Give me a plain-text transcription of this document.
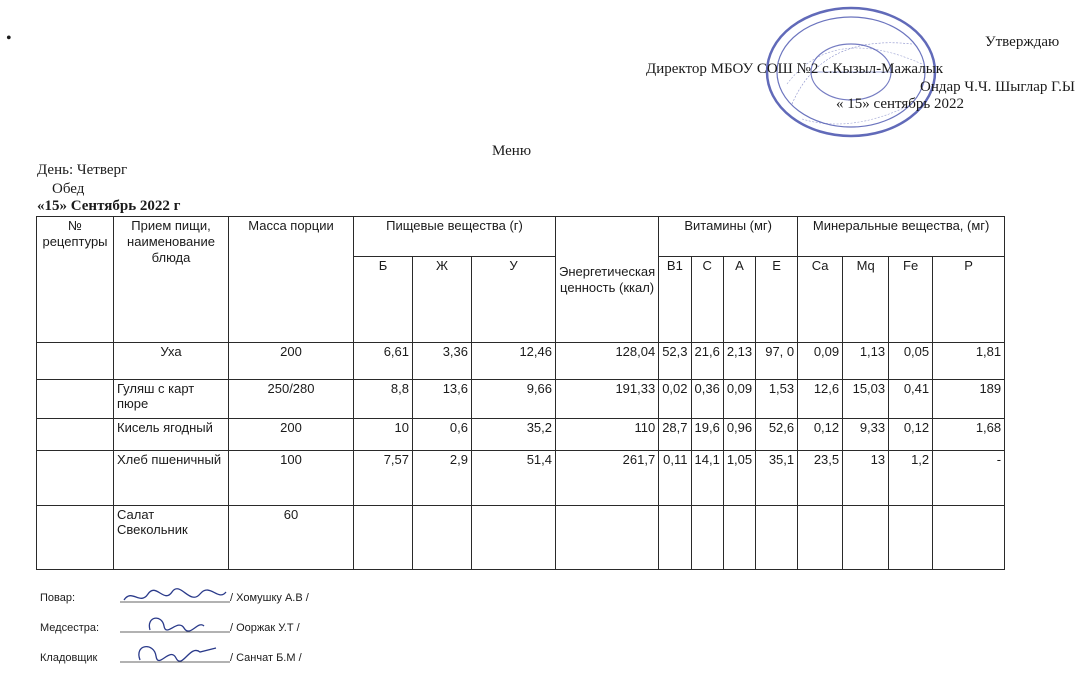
•	Утверждаю
Директор МБОУ СОШ №2 с.Кызыл-Мажалык
Ондар Ч.Ч. Шыглар Г.Ы
« 15» сентябрь 2022
Меню
День: Четверг
Обед
«15» Сентябрь 2022 г
№ рецептуры	Прием пищи, наименование блюда	Масса порции	Пищевые вещества (г)			Энергетическая ценность (ккал)	Витамины (мг)				Минеральные вещества, (мг)			
			Б	Ж	У		В1	С	А	Е	Са	Мq	Fe	Р
	Уха	200	6,61	3,36	12,46	128,04	52,3	21,6	2,13	97, 0	0,09	1,13	0,05	1,81
	Гуляш с карт пюре	250/280	8,8	13,6	9,66	191,33	0,02	0,36	0,09	1,53	12,6	15,03	0,41	189
	Кисель ягодный	200	10	0,6	35,2	110	28,7	19,6	0,96	52,6	0,12	9,33	0,12	1,68
	Хлеб пшеничный	100	7,57	2,9	51,4	261,7	0,11	14,1	1,05	35,1	23,5	13	1,2	-
	Салат Свекольник	60												
Повар:	/ Хомушку А.В /
Медсестра:	/ Ооржак У.Т /
Кладовщик	/ Санчат Б.М /
